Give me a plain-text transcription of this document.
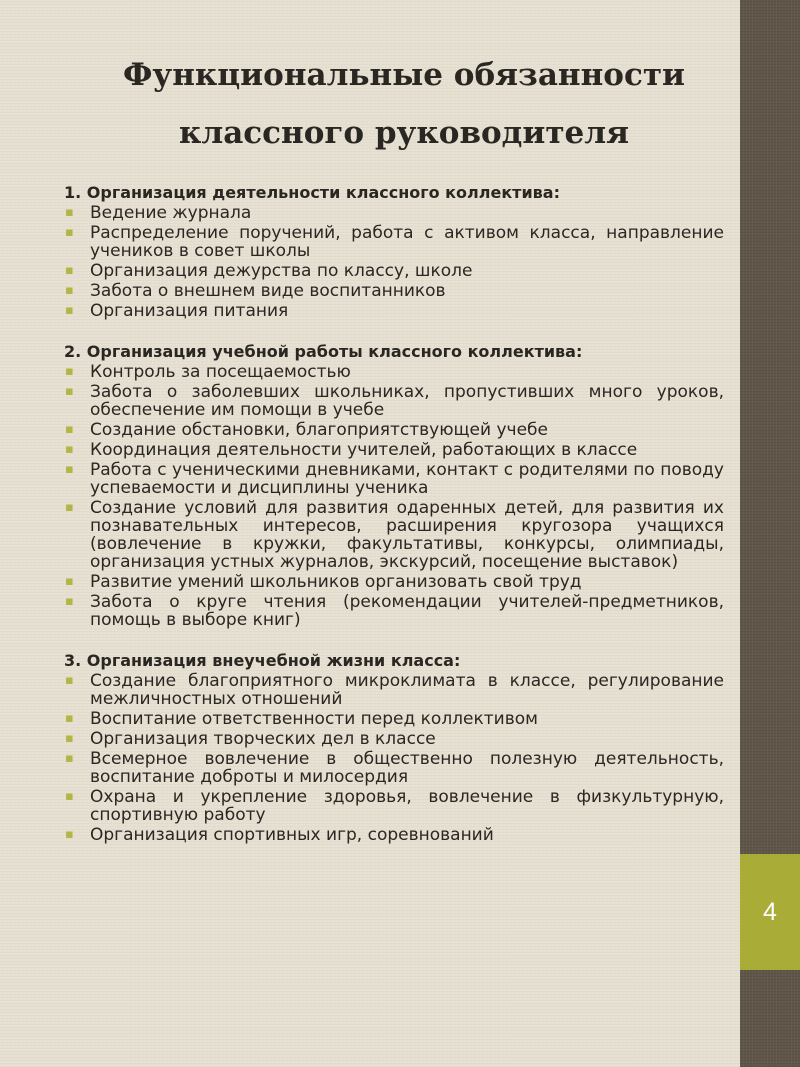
4
Функциональные обязанности
классного руководителя

1. Организация деятельности классного коллектива:

▪ Ведение журнала
▪ Распределение поручений, работа с активом класса, направление учеников в совет школы
▪ Организация дежурства по классу, школе
▪ Забота о внешнем виде воспитанников
▪ Организация питания

2. Организация учебной работы классного коллектива:

▪ Контроль за посещаемостью
▪ Забота о заболевших школьниках, пропустивших много уроков, обеспечение им помощи в учебе
▪ Создание обстановки, благоприятствующей учебе
▪ Координация деятельности учителей, работающих в классе
▪ Работа с ученическими дневниками, контакт с родителями по поводу успеваемости и дисциплины ученика
▪ Создание условий для развития одаренных детей, для развития их познавательных интересов, расширения кругозора учащихся (вовлечение в кружки, факультативы, конкурсы, олимпиады, организация устных журналов, экскурсий, посещение выставок)
▪ Развитие умений школьников организовать свой труд
▪ Забота о круге чтения (рекомендации учителей-предметников, помощь в выборе книг)

3. Организация внеучебной жизни класса:

▪ Создание благоприятного микроклимата в классе, регулирование межличностных отношений
▪ Воспитание ответственности перед коллективом
▪ Организация творческих дел в классе
▪ Всемерное вовлечение в общественно полезную деятельность, воспитание доброты и милосердия
▪ Охрана и укрепление здоровья, вовлечение в физкультурную, спортивную работу
▪ Организация спортивных игр, соревнований
